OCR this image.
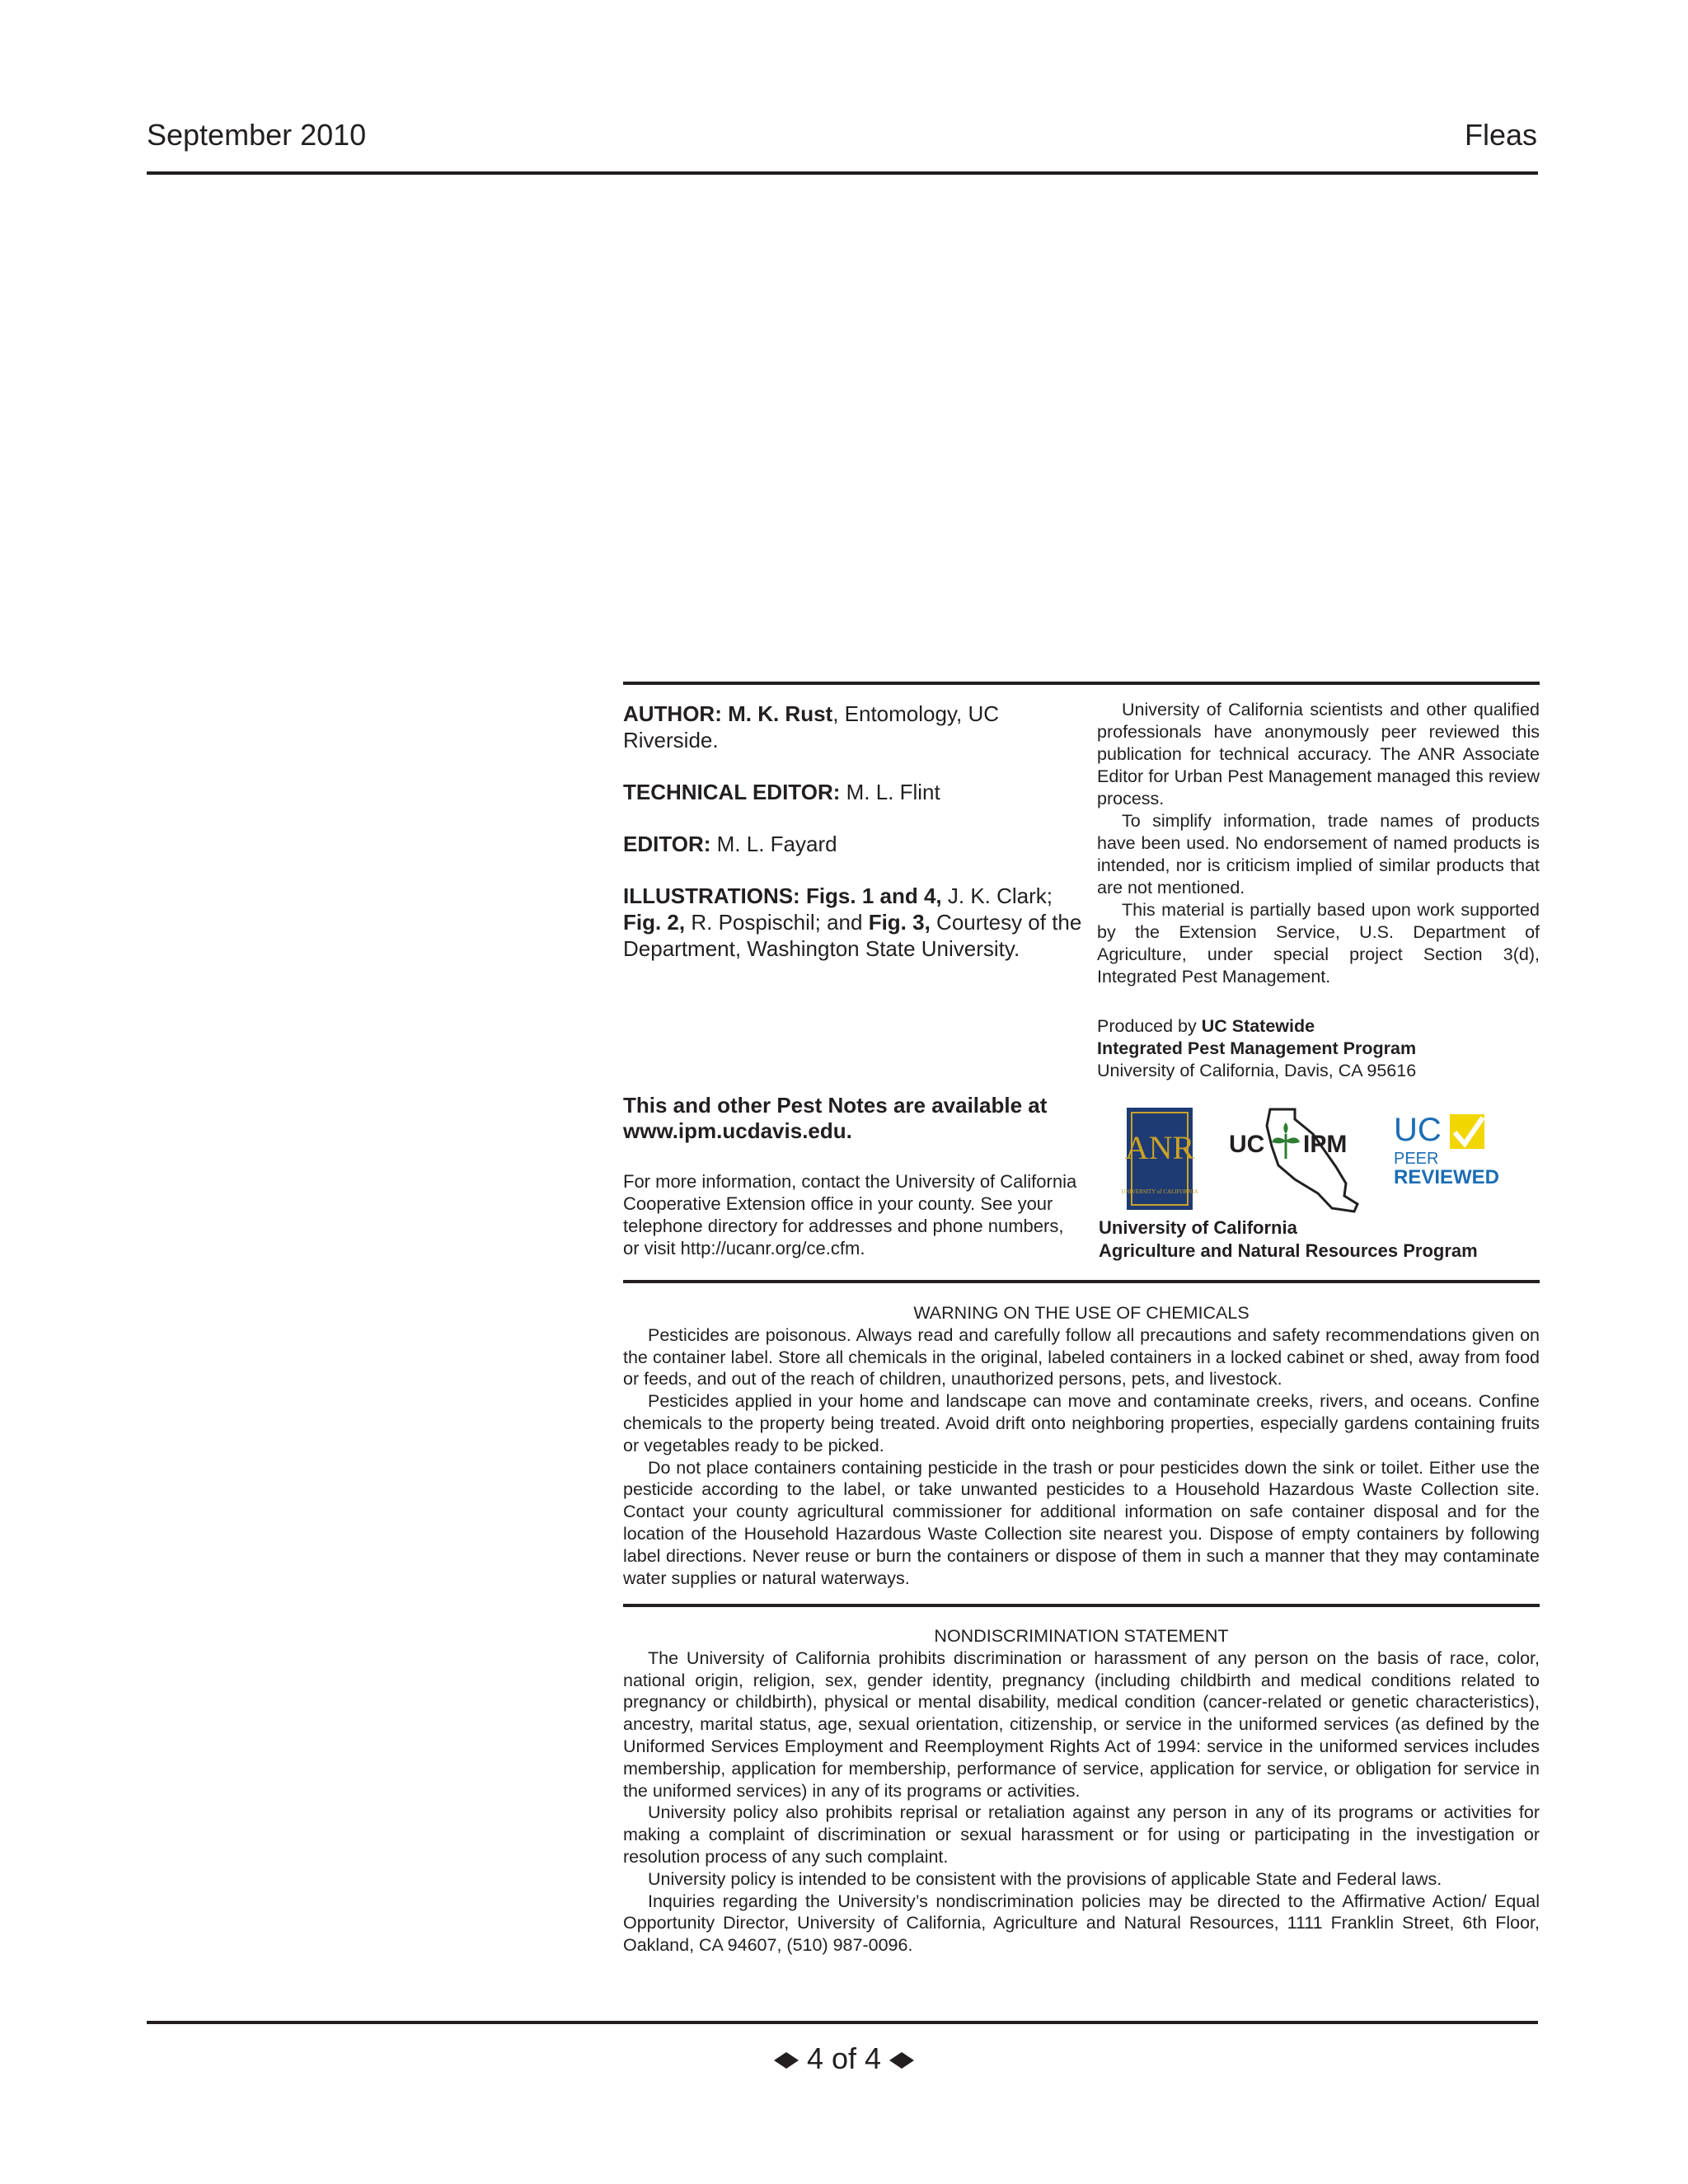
September 2010	Fleas

AUTHOR: M. K. Rust, Entomology, UC Riverside.

TECHNICAL EDITOR: M. L. Flint

EDITOR: M. L. Fayard

ILLUSTRATIONS: Figs. 1 and 4, J. K. Clark; Fig. 2, R. Pospischil; and Fig. 3, Courtesy of the Department, Washington State University.

This and other Pest Notes are available at www.ipm.ucdavis.edu.
For more information, contact the University of California Cooperative Extension office in your county. See your telephone directory for addresses and phone numbers, or visit http://ucanr.org/ce.cfm.

University of California scientists and other qualified professionals have anonymously peer reviewed this publication for technical accuracy. The ANR Associate Editor for Urban Pest Management managed this review process.

To simplify information, trade names of products have been used. No endorsement of named products is intended, nor is criticism implied of similar products that are not mentioned.

This material is partially based upon work supported by the Extension Service, U.S. Department of Agriculture, under special project Section 3(d), Integrated Pest Management.

Produced by UC Statewide
Integrated Pest Management Program
University of California, Davis, CA 95616
ANR
UNIVERSITY of CALIFORNIA
UC IPM UC
PEER
REVIEWED
University of California
Agriculture and Natural Resources Program
WARNING ON THE USE OF CHEMICALS

Pesticides are poisonous. Always read and carefully follow all precautions and safety recommendations given on the container label. Store all chemicals in the original, labeled containers in a locked cabinet or shed, away from food or feeds, and out of the reach of children, unauthorized persons, pets, and livestock.

Pesticides applied in your home and landscape can move and contaminate creeks, rivers, and oceans. Confine chemicals to the property being treated. Avoid drift onto neighboring properties, especially gardens containing fruits or vegetables ready to be picked.

Do not place containers containing pesticide in the trash or pour pesticides down the sink or toilet. Either use the pesticide according to the label, or take unwanted pesticides to a Household Hazardous Waste Collection site. Contact your county agricultural commissioner for additional information on safe container disposal and for the location of the Household Hazardous Waste Collection site nearest you. Dispose of empty containers by following label directions. Never reuse or burn the containers or dispose of them in such a manner that they may contaminate water supplies or natural waterways.

NONDISCRIMINATION STATEMENT

The University of California prohibits discrimination or harassment of any person on the basis of race, color, national origin, religion, sex, gender identity, pregnancy (including childbirth and medical conditions related to pregnancy or childbirth), physical or mental disability, medical condition (cancer-related or genetic characteristics), ancestry, marital status, age, sexual orientation, citizenship, or service in the uniformed services (as defined by the Uniformed Services Employment and Reemployment Rights Act of 1994: service in the uniformed services includes membership, application for membership, performance of service, application for service, or obligation for service in the uniformed services) in any of its programs or activities.

University policy also prohibits reprisal or retaliation against any person in any of its programs or activities for making a complaint of discrimination or sexual harassment or for using or participating in the investigation or resolution process of any such complaint.

University policy is intended to be consistent with the provisions of applicable State and Federal laws.

Inquiries regarding the University’s nondiscrimination policies may be directed to the Affirmative Action/ Equal Opportunity Director, University of California, Agriculture and Natural Resources, 1111 Franklin Street, 6th Floor, Oakland, CA 94607, (510) 987-0096.

4 of 4
